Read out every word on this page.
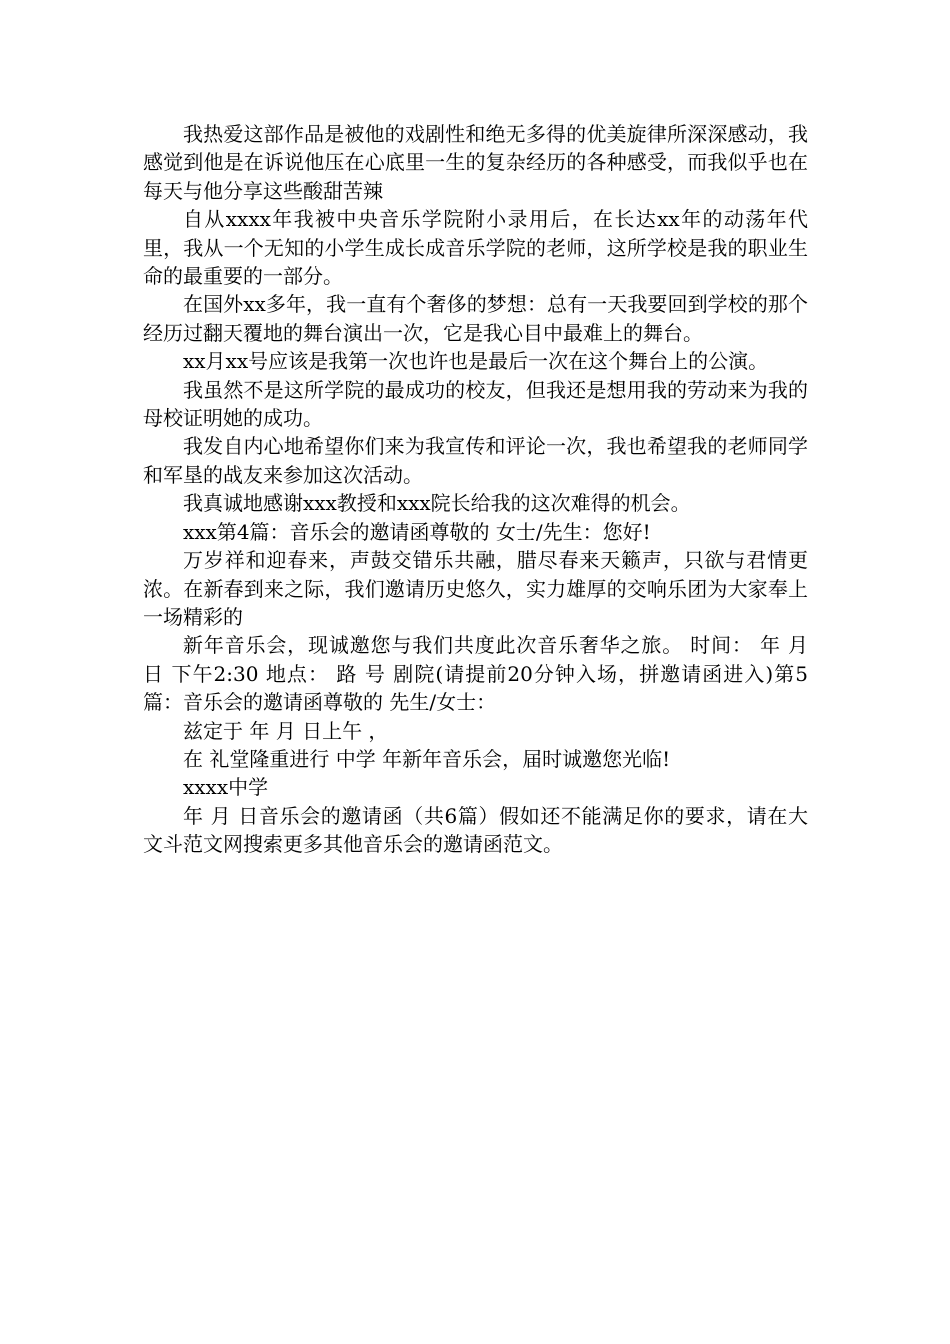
我热爱这部作品是被他的戏剧性和绝无多得的优美旋律所深深感动，我感觉到他是在诉说他压在心底里一生的复杂经历的各种感受，而我似乎也在每天与他分享这些酸甜苦辣

自从xxxx年我被中央音乐学院附小录用后，在长达xx年的动荡年代里，我从一个无知的小学生成长成音乐学院的老师，这所学校是我的职业生命的最重要的一部分。

在国外xx多年，我一直有个奢侈的梦想：总有一天我要回到学校的那个经历过翻天覆地的舞台演出一次，它是我心目中最难上的舞台。

xx月xx号应该是我第一次也许也是最后一次在这个舞台上的公演。

我虽然不是这所学院的最成功的校友，但我还是想用我的劳动来为我的母校证明她的成功。

我发自内心地希望你们来为我宣传和评论一次，我也希望我的老师同学和军垦的战友来参加这次活动。

我真诚地感谢xxx教授和xxx院长给我的这次难得的机会。

xxx第4篇：音乐会的邀请函尊敬的 女士/先生：您好!

万岁祥和迎春来，声鼓交错乐共融，腊尽春来天籁声，只欲与君情更浓。在新春到来之际，我们邀请历史悠久，实力雄厚的交响乐团为大家奉上一场精彩的

新年音乐会，现诚邀您与我们共度此次音乐奢华之旅。 时间： 年 月 日 下午2:30 地点： 路 号 剧院(请提前20分钟入场，拼邀请函进入)第5篇：音乐会的邀请函尊敬的 先生/女士：

兹定于 年 月 日上午 ，

在 礼堂隆重进行 中学 年新年音乐会，届时诚邀您光临!

xxxx中学

年 月 日音乐会的邀请函（共6篇）假如还不能满足你的要求，请在大文斗范文网搜索更多其他音乐会的邀请函范文。
